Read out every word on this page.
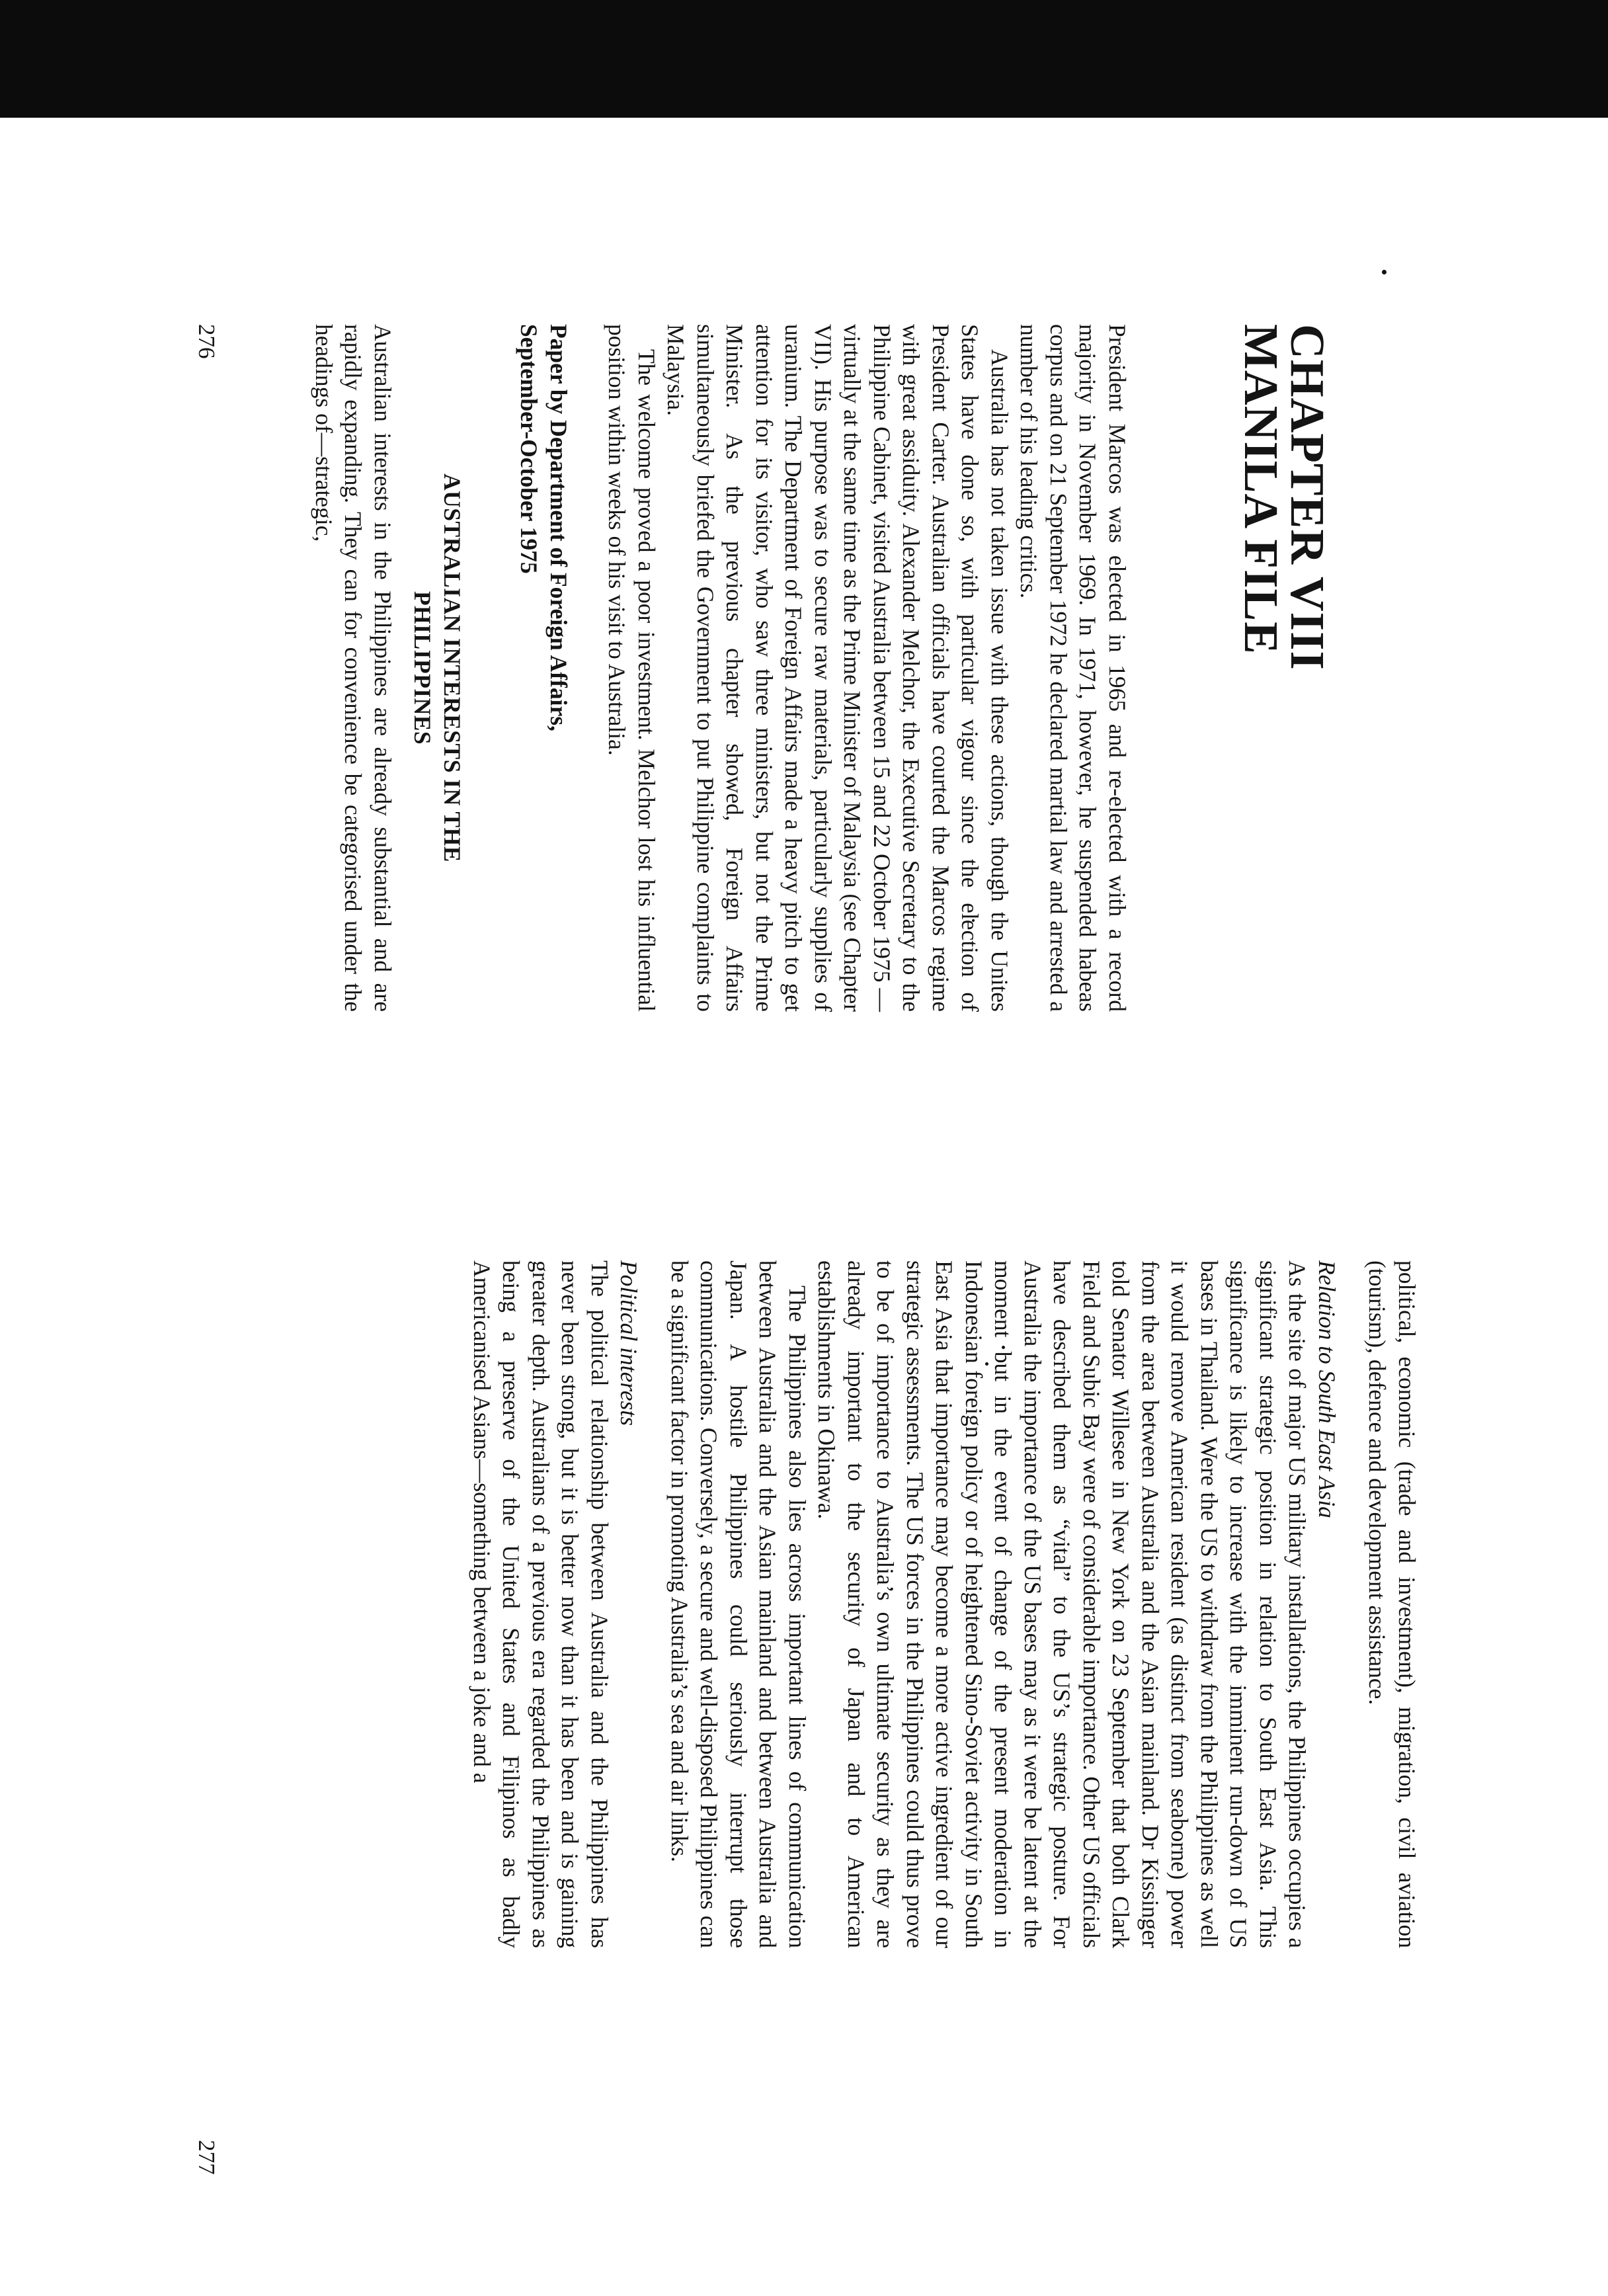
CHAPTER VIII
MANILA FILE

President Marcos was elected in 1965 and re-elected with a record majority in November 1969. In 1971, however, he suspended habeas corpus and on 21 September 1972 he declared martial law and arrested a number of his leading critics.

Australia has not taken issue with these actions, though the Unites States have done so, with particular vigour since the election of President Carter. Australian officials have courted the Marcos regime with great assiduity. Alexander Melchor, the Executive Secretary to the Philippine Cabinet, visited Australia between 15 and 22 October 1975 — virtually at the same time as the Prime Minister of Malaysia (see Chapter VII). His purpose was to secure raw materials, particularly supplies of uranium. The Department of Foreign Affairs made a heavy pitch to get attention for its visitor, who saw three ministers, but not the Prime Minister. As the previous chapter showed, Foreign Affairs simultaneously briefed the Government to put Philippine complaints to Malaysia.

The welcome proved a poor investment. Melchor lost his influential position within weeks of his visit to Australia.

Paper by Department of Foreign Affairs,
September-October 1975
AUSTRALIAN INTERESTS IN THE
PHILIPPINES

Australian interests in the Philippines are already substantial and are rapidly expanding. They can for convenience be categorised under the headings of—strategic,

276

political, economic (trade and investment), migration, civil aviation (tourism), defence and development assistance.

Relation to South East Asia

As the site of major US military installations, the Philippines occupies a significant strategic position in relation to South East Asia. This significance is likely to increase with the imminent run-down of US bases in Thailand. Were the US to withdraw from the Philippines as well it would remove American resident (as distinct from seaborne) power from the area between Australia and the Asian mainland. Dr Kissinger told Senator Willesee in New York on 23 September that both Clark Field and Subic Bay were of considerable importance. Other US officials have described them as “vital” to the US’s strategic posture. For Australia the importance of the US bases may as it were be latent at the moment but in the event of change of the present moderation in Indonesian foreign policy or of heightened Sino-Soviet activity in South East Asia that importance may become a more active ingredient of our strategic assessments. The US forces in the Philippines could thus prove to be of importance to Australia’s own ultimate security as they are already important to the security of Japan and to American establishments in Okinawa.

The Philippines also lies across important lines of communication between Australia and the Asian mainland and between Australia and Japan. A hostile Philippines could seriously interrupt those communications. Conversely, a secure and well-disposed Philippines can be a significant factor in promoting Australia’s sea and air links.

Political interests

The political relationship between Australia and the Philippines has never been strong, but it is better now than it has been and is gaining greater depth. Australians of a previous era regarded the Philippines as being a preserve of the United States and Filipinos as badly Americanised Asians—something between a joke and a

277
